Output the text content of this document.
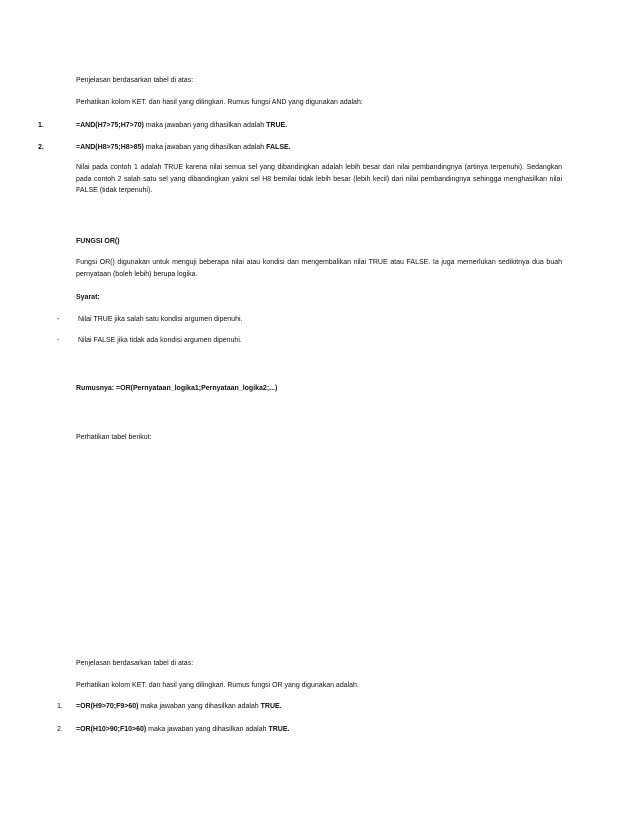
Penjelasan berdasarkan tabel di atas:
Perhatikan kolom KET. dan hasil yang dilingkari. Rumus fungsi AND yang digunakan adalah:
1.	=AND(H7>75;H7>70) maka jawaban yang dihasilkan adalah TRUE.
2.	=AND(H8>75;H8>85) maka jawaban yang dihasilkan adalah FALSE.
Nilai pada contoh 1 adalah TRUE karena nilai semua sel yang dibandingkan adalah lebih besar dari nilai pembandingnya (artinya terpenuhi). Sedangkan pada contoh 2 salah satu sel yang dibandingkan yakni sel H8 bernilai tidak lebih besar (lebih kecil) dari nilai pembandingnya sehingga menghasilkan nilai FALSE (tidak terpenuhi).
FUNGSI OR()
Fungsi OR() digunakan untuk menguji beberapa nilai atau kondisi dan mengembalikan nilai TRUE atau FALSE. Ia juga memerlukan sedikitnya dua buah pernyataan (boleh lebih) berupa logika.
Syarat:
-	Nilai TRUE jika salah satu kondisi argumen dipenuhi.
-	Nilai FALSE jika tidak ada kondisi argumen dipenuhi.
Rumusnya: =OR(Pernyataan_logika1;Pernyataan_logika2;...)
Perhatikan tabel berikut:
Penjelasan berdasarkan tabel di atas:
Perhatikan kolom KET. dan hasil yang dilingkari. Rumus fungsi OR yang digunakan adalah:
1. =OR(H9>70;F9>60) maka jawaban yang dihasilkan adalah TRUE.
2. =OR(H10>90;F10>60) maka jawaban yang dihasilkan adalah TRUE.
